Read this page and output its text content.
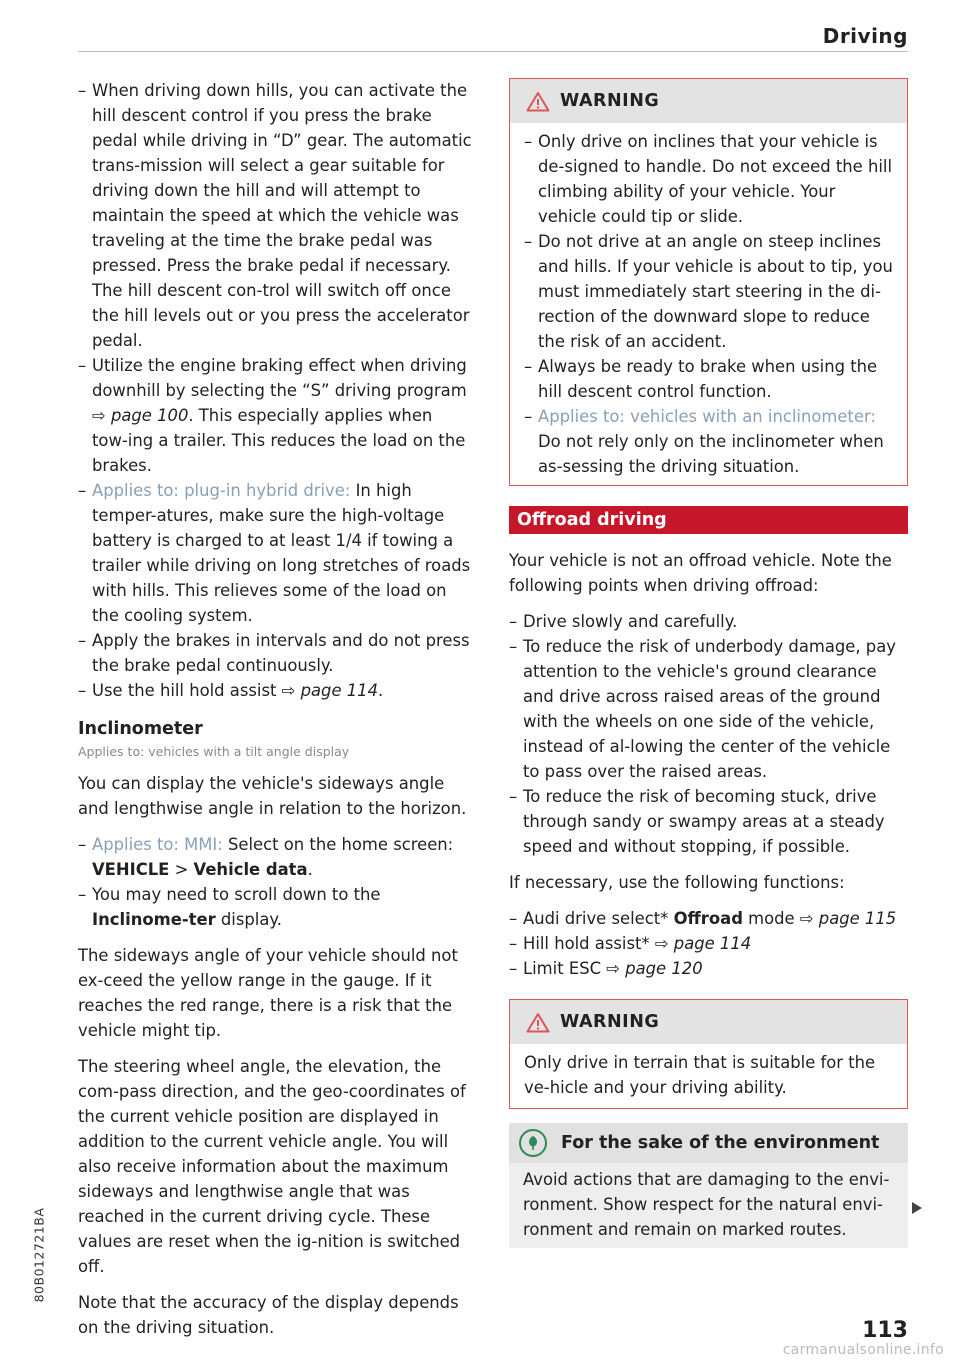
Driving
– When driving down hills, you can activate the hill descent control if you press the brake pedal while driving in “D” gear. The automatic trans-mission will select a gear suitable for driving down the hill and will attempt to maintain the speed at which the vehicle was traveling at the time the brake pedal was pressed. Press the brake pedal if necessary. The hill descent con-trol will switch off once the hill levels out or you press the accelerator pedal.
– Utilize the engine braking effect when driving downhill by selecting the “S” driving program ⇨ page 100. This especially applies when tow-ing a trailer. This reduces the load on the brakes.
– Applies to: plug-in hybrid drive: In high temper-atures, make sure the high-voltage battery is charged to at least 1/4 if towing a trailer while driving on long stretches of roads with hills. This relieves some of the load on the cooling system.
– Apply the brakes in intervals and do not press the brake pedal continuously.
– Use the hill hold assist ⇨ page 114.
Inclinometer
Applies to: vehicles with a tilt angle display

You can display the vehicle's sideways angle and lengthwise angle in relation to the horizon.

– Applies to: MMI: Select on the home screen: VEHICLE > Vehicle data.
– You may need to scroll down to the Inclinome-ter display.

The sideways angle of your vehicle should not ex-ceed the yellow range in the gauge. If it reaches the red range, there is a risk that the vehicle might tip.

The steering wheel angle, the elevation, the com-pass direction, and the geo-coordinates of the current vehicle position are displayed in addition to the current vehicle angle. You will also receive information about the maximum sideways and lengthwise angle that was reached in the current driving cycle. These values are reset when the ig-nition is switched off.

Note that the accuracy of the display depends on the driving situation.

WARNING
– Only drive on inclines that your vehicle is de-signed to handle. Do not exceed the hill climbing ability of your vehicle. Your vehicle could tip or slide.
– Do not drive at an angle on steep inclines and hills. If your vehicle is about to tip, you must immediately start steering in the di-rection of the downward slope to reduce the risk of an accident.
– Always be ready to brake when using the hill descent control function.
– Applies to: vehicles with an inclinometer: Do not rely only on the inclinometer when as-sessing the driving situation.
Offroad driving

Your vehicle is not an offroad vehicle. Note the following points when driving offroad:

– Drive slowly and carefully.
– To reduce the risk of underbody damage, pay attention to the vehicle's ground clearance and drive across raised areas of the ground with the wheels on one side of the vehicle, instead of al-lowing the center of the vehicle to pass over the raised areas.
– To reduce the risk of becoming stuck, drive through sandy or swampy areas at a steady speed and without stopping, if possible.

If necessary, use the following functions:

– Audi drive select* Offroad mode ⇨ page 115
– Hill hold assist* ⇨ page 114
– Limit ESC ⇨ page 120
WARNING

Only drive in terrain that is suitable for the ve-hicle and your driving ability.

For the sake of the environment

Avoid actions that are damaging to the envi-ronment. Show respect for the natural envi-ronment and remain on marked routes.

80B012721BA
113
carmanualsonline.info
